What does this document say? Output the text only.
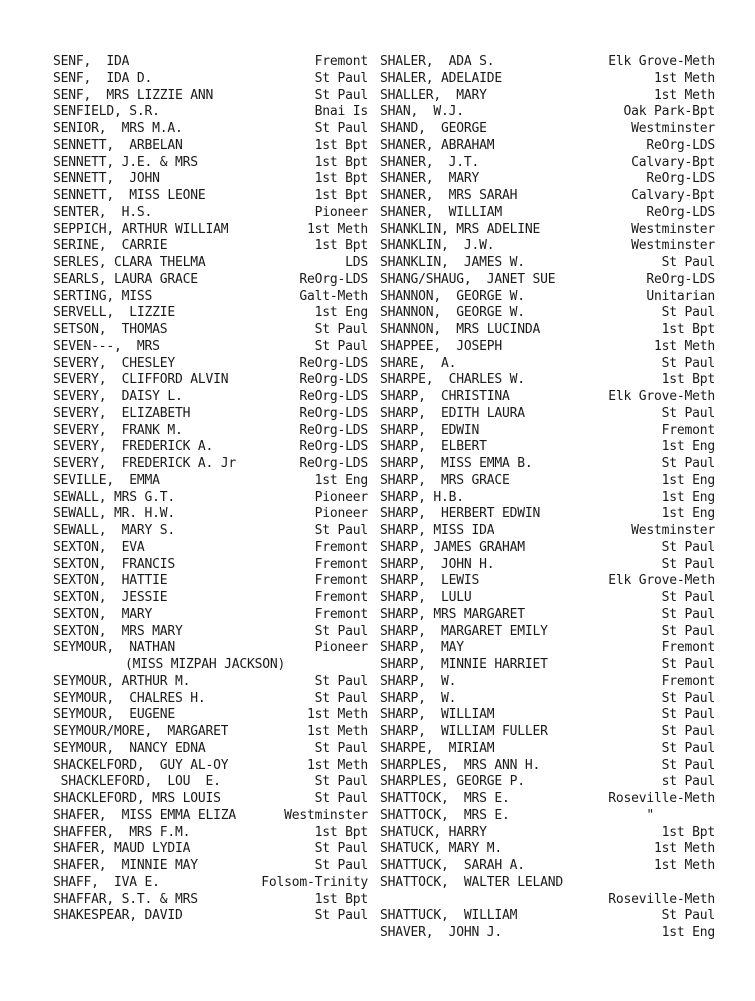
SENF,  IDA	Fremont
SENF,  IDA D.	St Paul
SENF,  MRS LIZZIE ANN	St Paul
SENFIELD, S.R.	Bnai Is
SENIOR,  MRS M.A.	St Paul
SENNETT,  ARBELAN	1st Bpt
SENNETT, J.E. & MRS	1st Bpt
SENNETT,  JOHN	1st Bpt
SENNETT,  MISS LEONE	1st Bpt
SENTER,  H.S.	Pioneer
SEPPICH, ARTHUR WILLIAM	1st Meth
SERINE,  CARRIE	1st Bpt
SERLES, CLARA THELMA	LDS
SEARLS, LAURA GRACE	ReOrg-LDS
SERTING, MISS	Galt-Meth
SERVELL,  LIZZIE	1st Eng
SETSON,  THOMAS	St Paul
SEVEN---,  MRS	St Paul
SEVERY,  CHESLEY	ReOrg-LDS
SEVERY,  CLIFFORD ALVIN	ReOrg-LDS
SEVERY,  DAISY L.	ReOrg-LDS
SEVERY,  ELIZABETH	ReOrg-LDS
SEVERY,  FRANK M.	ReOrg-LDS
SEVERY,  FREDERICK A.	ReOrg-LDS
SEVERY,  FREDERICK A. Jr	ReOrg-LDS
SEVILLE,  EMMA	1st Eng
SEWALL, MRS G.T.	Pioneer
SEWALL, MR. H.W.	Pioneer
SEWALL,  MARY S.	St Paul
SEXTON,  EVA	Fremont
SEXTON,  FRANCIS	Fremont
SEXTON,  HATTIE	Fremont
SEXTON,  JESSIE	Fremont
SEXTON,  MARY	Fremont
SEXTON,  MRS MARY	St Paul
SEYMOUR,  NATHAN	Pioneer
(MISS MIZPAH JACKSON)
SEYMOUR, ARTHUR M.	St Paul
SEYMOUR,  CHALRES H.	St Paul
SEYMOUR,  EUGENE	1st Meth
SEYMOUR/MORE,  MARGARET	1st Meth
SEYMOUR,  NANCY EDNA	St Paul
SHACKELFORD,  GUY AL-OY	1st Meth
SHACKLEFORD,  LOU  E.	St Paul
SHACKLEFORD, MRS LOUIS	St Paul
SHAFER,  MISS EMMA ELIZA	Westminster
SHAFFER,  MRS F.M.	1st Bpt
SHAFER, MAUD LYDIA	St Paul
SHAFER,  MINNIE MAY	St Paul
SHAFF,  IVA E.	Folsom-Trinity
SHAFFAR, S.T. & MRS	1st Bpt
SHAKESPEAR, DAVID	St Paul
SHALER,  ADA S.	Elk Grove-Meth
SHALER, ADELAIDE	1st Meth
SHALLER,  MARY	1st Meth
SHAN,  W.J.	Oak Park-Bpt
SHAND,  GEORGE	Westminster
SHANER, ABRAHAM	ReOrg-LDS
SHANER,  J.T.	Calvary-Bpt
SHANER,  MARY	ReOrg-LDS
SHANER,  MRS SARAH	Calvary-Bpt
SHANER,  WILLIAM	ReOrg-LDS
SHANKLIN, MRS ADELINE	Westminster
SHANKLIN,  J.W.	Westminster
SHANKLIN,  JAMES W.	St Paul
SHANG/SHAUG,  JANET SUE	ReOrg-LDS
SHANNON,  GEORGE W.	Unitarian
SHANNON,  GEORGE W.	St Paul
SHANNON,  MRS LUCINDA	1st Bpt
SHAPPEE,  JOSEPH	1st Meth
SHARE,  A.	St Paul
SHARPE,  CHARLES W.	1st Bpt
SHARP,  CHRISTINA	Elk Grove-Meth
SHARP,  EDITH LAURA	St Paul
SHARP,  EDWIN	Fremont
SHARP,  ELBERT	1st Eng
SHARP,  MISS EMMA B.	St Paul
SHARP,  MRS GRACE	1st Eng
SHARP, H.B.	1st Eng
SHARP,  HERBERT EDWIN	1st Eng
SHARP, MISS IDA	Westminster
SHARP, JAMES GRAHAM	St Paul
SHARP,  JOHN H.	St Paul
SHARP,  LEWIS	Elk Grove-Meth
SHARP,  LULU	St Paul
SHARP, MRS MARGARET	St Paul
SHARP,  MARGARET EMILY	St Paul
SHARP,  MAY	Fremont
SHARP,  MINNIE HARRIET	St Paul
SHARP,  W.	Fremont
SHARP,  W.	St Paul
SHARP,  WILLIAM	St Paul
SHARP,  WILLIAM FULLER	St Paul
SHARPE,  MIRIAM	St Paul
SHARPLES,  MRS ANN H.	St Paul
SHARPLES, GEORGE P.	st Paul
SHATTOCK,  MRS E.	Roseville-Meth
SHATTOCK,  MRS E.	"
SHATUCK, HARRY	1st Bpt
SHATUCK, MARY M.	1st Meth
SHATTUCK,  SARAH A.	1st Meth
SHATTOCK,  WALTER LELAND
Roseville-Meth
SHATTUCK,  WILLIAM	St Paul
SHAVER,  JOHN J.	1st Eng
